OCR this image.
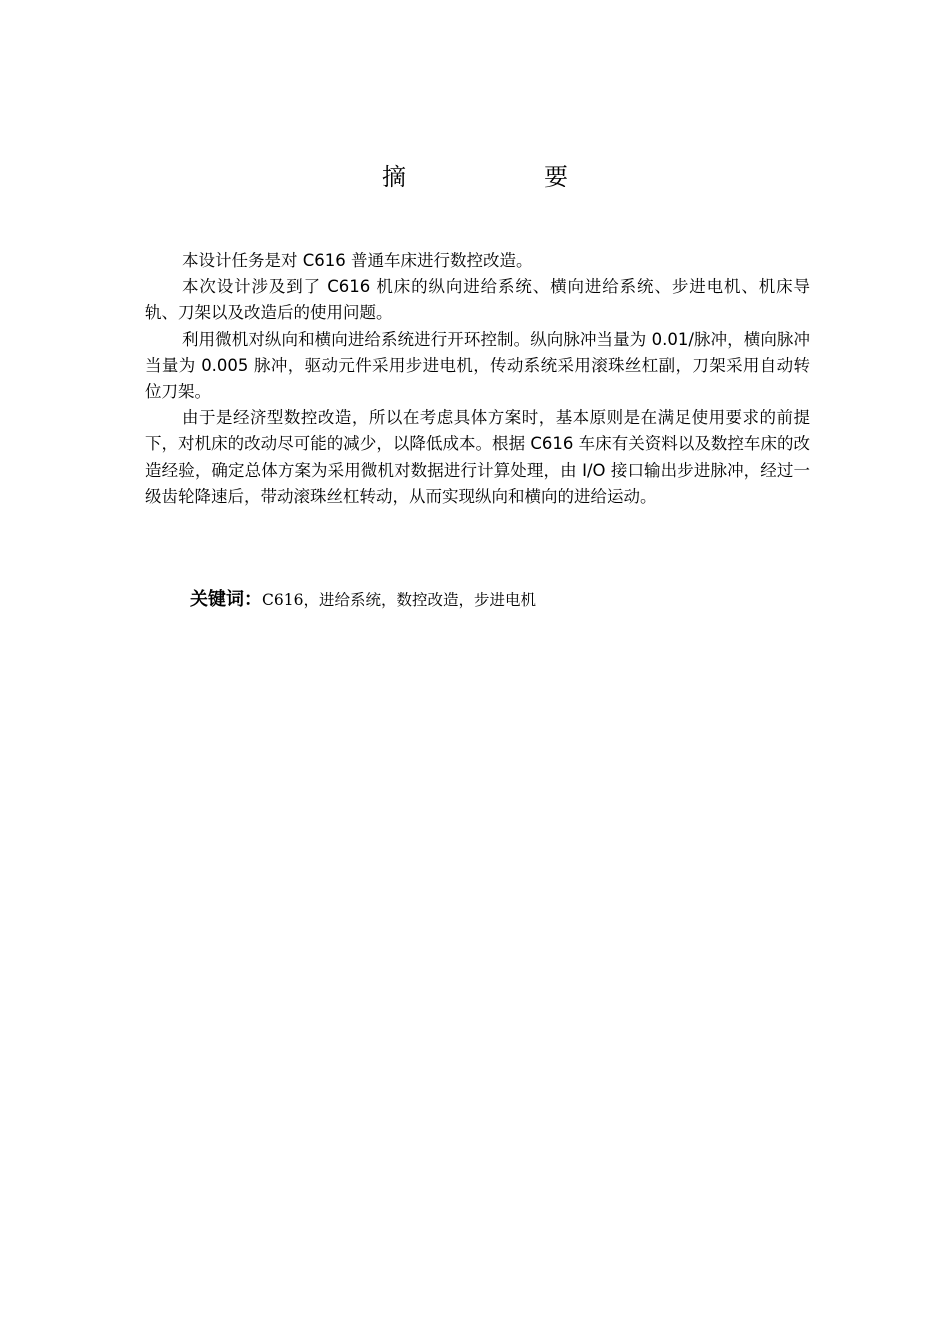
摘　　要

本设计任务是对 C616 普通车床进行数控改造。

本次设计涉及到了 C616 机床的纵向进给系统、横向进给系统、步进电机、机床导轨、刀架以及改造后的使用问题。

利用微机对纵向和横向进给系统进行开环控制。纵向脉冲当量为 0.01/脉冲，横向脉冲当量为 0.005 脉冲，驱动元件采用步进电机，传动系统采用滚珠丝杠副，刀架采用自动转位刀架。

由于是经济型数控改造，所以在考虑具体方案时，基本原则是在满足使用要求的前提下，对机床的改动尽可能的减少，以降低成本。根据 C616 车床有关资料以及数控车床的改造经验，确定总体方案为采用微机对数据进行计算处理，由 I/O 接口输出步进脉冲，经过一级齿轮降速后，带动滚珠丝杠转动，从而实现纵向和横向的进给运动。

关键词：C616，进给系统，数控改造，步进电机
